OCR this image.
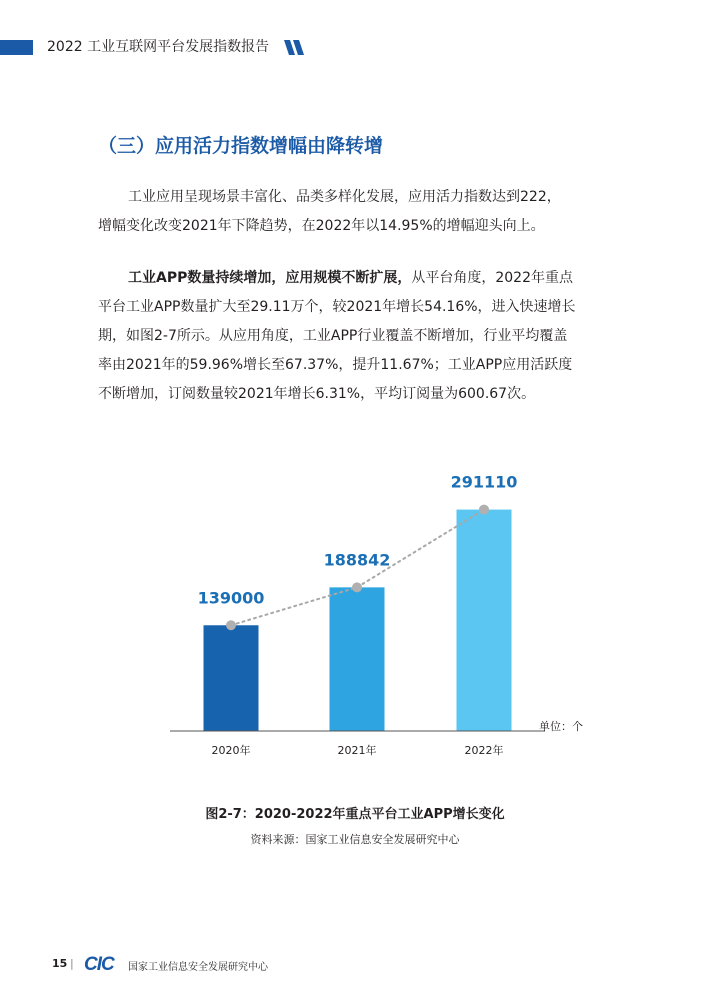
2022 工业互联网平台发展指数报告
（三）应用活力指数增幅由降转增
工业应用呈现场景丰富化、品类多样化发展，应用活力指数达到222，
增幅变化改变2021年下降趋势，在2022年以14.95%的增幅迎头向上。
工业APP数量持续增加，应用规模不断扩展，从平台角度，2022年重点
平台工业APP数量扩大至29.11万个，较2021年增长54.16%，进入快速增长
期，如图2-7所示。从应用角度，工业APP行业覆盖不断增加，行业平均覆盖
率由2021年的59.96%增长至67.37%，提升11.67%；工业APP应用活跃度
不断增加，订阅数量较2021年增长6.31%，平均订阅量为600.67次。
139000
2020年
188842
2021年
291110
2022年
单位：个
图2-7：2020-2022年重点平台工业APP增长变化
资料来源：国家工业信息安全发展研究中心
15 | CIC 国家工业信息安全发展研究中心
